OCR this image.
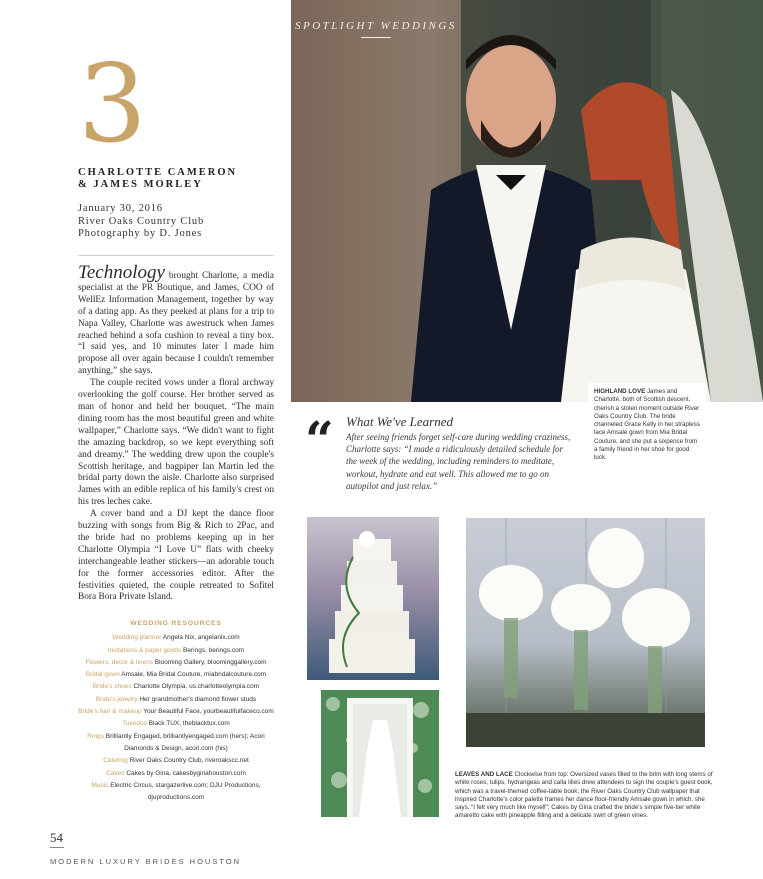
3
CHARLOTTE CAMERON
& JAMES MORLEY
January 30, 2016
River Oaks Country Club
Photography by D. Jones

Technology brought Charlotte, a media specialist at the PR Boutique, and James, COO of WellEz Information Management, together by way of a dating app. As they peeked at plans for a trip to Napa Valley, Charlotte was awestruck when James reached behind a sofa cushion to reveal a tiny box. “I said yes, and 10 minutes later I made him propose all over again because I couldn't remember anything,” she says.

The couple recited vows under a floral archway overlooking the golf course. Her brother served as man of honor and held her bouquet. “The main dining room has the most beautiful green and white wallpaper,” Charlotte says. “We didn't want to fight the amazing backdrop, so we kept everything soft and dreamy.” The wedding drew upon the couple's Scottish heritage, and bagpiper Ian Martin led the bridal party down the aisle. Charlotte also surprised James with an edible replica of his family's crest on his tres leches cake.

A cover band and a DJ kept the dance floor buzzing with songs from Big & Rich to 2Pac, and the bride had no problems keeping up in her Charlotte Olympia “I Love U” flats with cheeky interchangeable leather stickers—an adorable touch for the former accessories editor. After the festivities quieted, the couple retreated to Sofitel Bora Bora Private Island.

WEDDING RESOURCES
Wedding planner Angela Nix, angelanix.com
Invitations & paper goods Berings, berings.com
Flowers, decor & linens Blooming Gallery, bloominggallery.com
Bridal gown Amsale, Mia Bridal Couture, miabridalcouture.com
Bride's shoes Charlotte Olympia, us.charlotteolympia.com
Bride's jewelry Her grandmother's diamond flower studs
Bride's hair & makeup Your Beautiful Face, yourbeautifulfaceco.com
Tuxedos Black TUX, theblacktux.com
Rings Brilliantly Engaged, brilliantlyengaged.com (hers); Acori Diamonds & Design, acori.com (his)
Catering River Oaks Country Club, riveroakscc.net
Cakes Cakes by Gina, cakesbyginahouston.com
Music Electric Circus, stargazerlive.com; DJU Productions, djuproductions.com
54
MODERN LUXURY BRIDES HOUSTON
SPOTLIGHT WEDDINGS
HIGHLAND LOVE James and Charlotte, both of Scottish descent, cherish a stolen moment outside River Oaks Country Club. The bride channeled Grace Kelly in her strapless lace Amsale gown from Mia Bridal Couture, and she put a sixpence from a family friend in her shoe for good luck.
“ What We've Learned
After seeing friends forget self-care during wedding craziness, Charlotte says: “I made a ridiculously detailed schedule for the week of the wedding, including reminders to meditate, workout, hydrate and eat well. This allowed me to go on autopilot and just relax.”
LEAVES AND LACE Clockwise from top: Oversized vases filled to the brim with long stems of white roses, tulips, hydrangeas and calla lilies drew attendees to sign the couple's guest book, which was a travel-themed coffee-table book; the River Oaks Country Club wallpaper that inspired Charlotte's color palette frames her dance floor-friendly Amsale gown in which, she says, “I felt very much like myself”; Cakes by Gina crafted the bride's simple five-tier white amaretto cake with pineapple filling and a delicate swirl of green vines.
